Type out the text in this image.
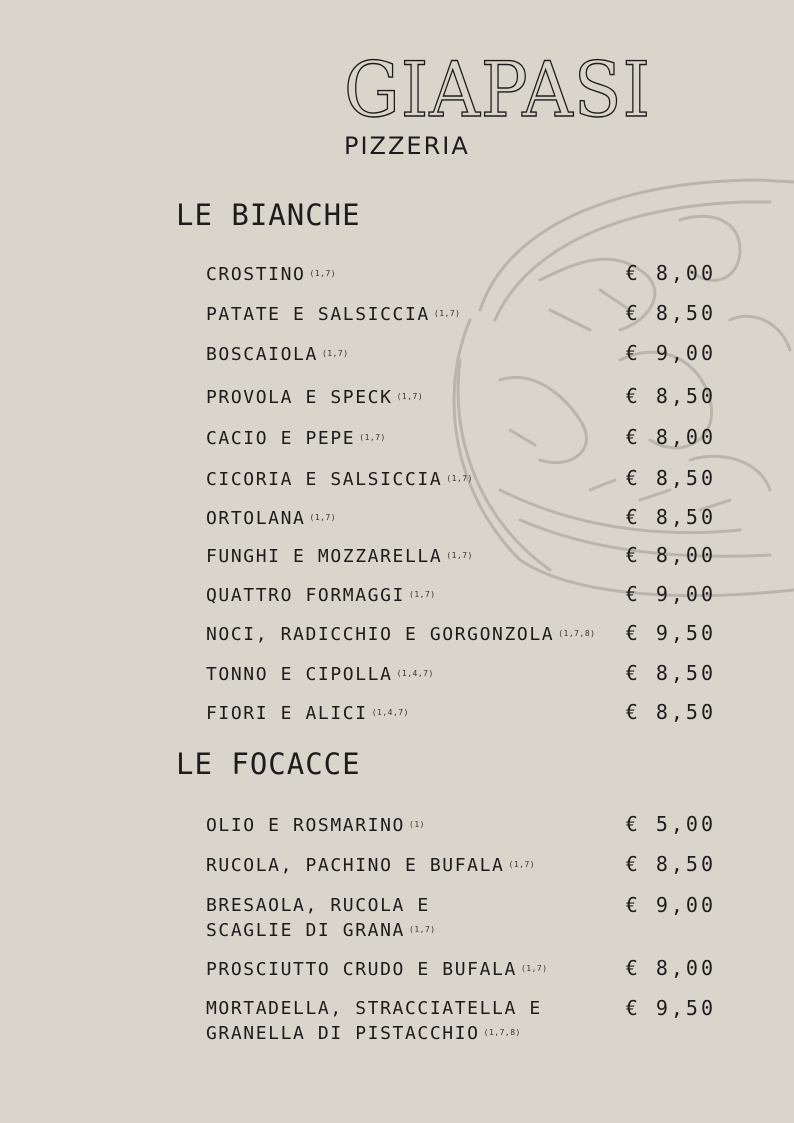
GIAPASI
PIZZERIA
LE BIANCHE
CROSTINO $^{(1,7)}$	€ 8,00
PATATE E SALSICCIA $^{(1,7)}$	€ 8,50
BOSCAIOLA $^{(1,7)}$	€ 9,00
PROVOLA E SPECK $^{(1,7)}$	€ 8,50
CACIO E PEPE $^{(1,7)}$	€ 8,00
CICORIA E SALSICCIA $^{(1,7)}$	€ 8,50
ORTOLANA $^{(1,7)}$	€ 8,50
FUNGHI E MOZZARELLA $^{(1,7)}$	€ 8,00
QUATTRO FORMAGGI $^{(1,7)}$	€ 9,00
NOCI, RADICCHIO E GORGONZOLA $^{(1,7,8)}$	€ 9,50
TONNO E CIPOLLA $^{(1,4,7)}$	€ 8,50
FIORI E ALICI $^{(1,4,7)}$	€ 8,50
LE FOCACCE
OLIO E ROSMARINO $^{(1)}$	€ 5,00
RUCOLA, PACHINO E BUFALA $^{(1,7)}$	€ 8,50
BRESAOLA, RUCOLA E
SCAGLIE DI GRANA $^{(1,7)}$
€ 9,00
PROSCIUTTO CRUDO E BUFALA $^{(1,7)}$	€ 8,00
MORTADELLA, STRACCIATELLA E
GRANELLA DI PISTACCHIO $^{(1,7,8)}$
€ 9,50
